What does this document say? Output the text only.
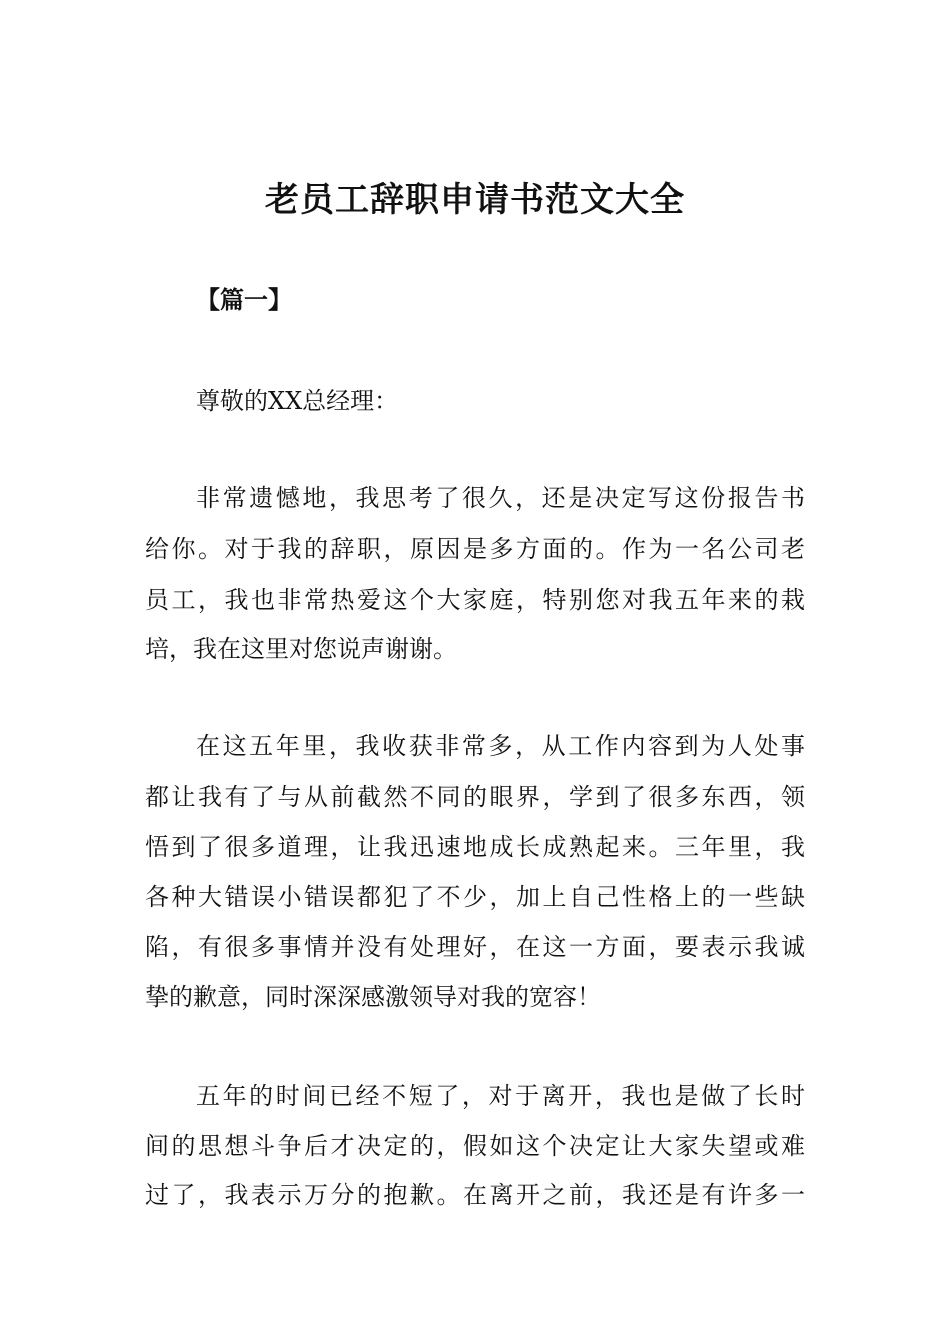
老员工辞职申请书范文大全

【篇一】

尊敬的XX总经理：

非常遗憾地，我思考了很久，还是决定写这份报告书

给你。对于我的辞职，原因是多方面的。作为一名公司老

员工，我也非常热爱这个大家庭，特别您对我五年来的栽

培，我在这里对您说声谢谢。

在这五年里，我收获非常多，从工作内容到为人处事

都让我有了与从前截然不同的眼界，学到了很多东西，领

悟到了很多道理，让我迅速地成长成熟起来。三年里，我

各种大错误小错误都犯了不少，加上自己性格上的一些缺

陷，有很多事情并没有处理好，在这一方面，要表示我诚

挚的歉意，同时深深感激领导对我的宽容！

五年的时间已经不短了，对于离开，我也是做了长时

间的思想斗争后才决定的，假如这个决定让大家失望或难

过了，我表示万分的抱歉。在离开之前，我还是有许多一
